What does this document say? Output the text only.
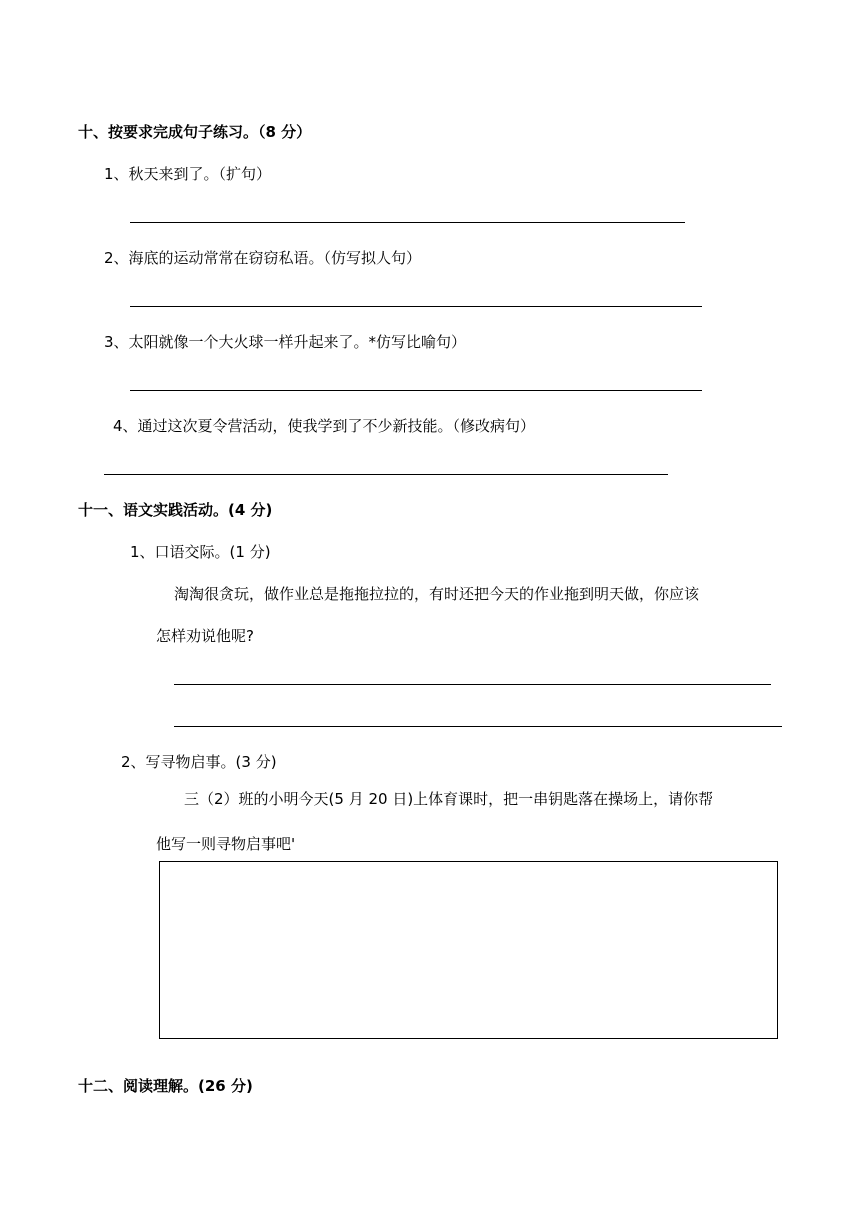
十、按要求完成句子练习。（8 分）
1、秋天来到了。（扩句）
2、海底的运动常常在窃窃私语。（仿写拟人句）
3、太阳就像一个大火球一样升起来了。*仿写比喻句）
4、通过这次夏令营活动，使我学到了不少新技能。（修改病句）
十一、语文实践活动。(4 分)
1、口语交际。(1 分)
淘淘很贪玩，做作业总是拖拖拉拉的，有时还把今天的作业拖到明天做，你应该
怎样劝说他呢?
2、写寻物启事。(3 分)
三（2）班的小明今天(5 月 20 日)上体育课时，把一串钥匙落在操场上，请你帮
他写一则寻物启事吧'
十二、阅读理解。(26 分)
